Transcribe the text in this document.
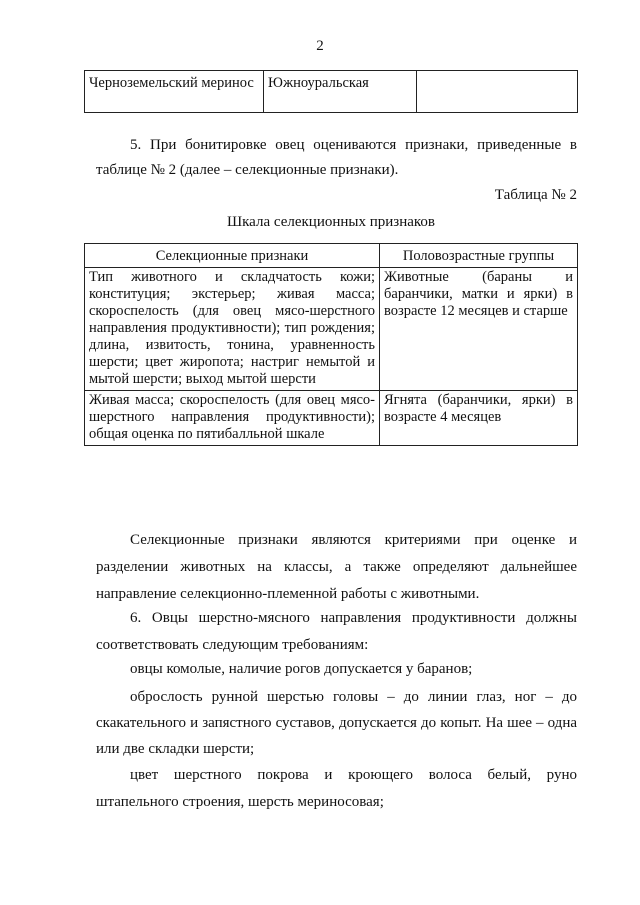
2
Черноземельский меринос	Южноуральская	
5. При бонитировке овец оцениваются признаки, приведенные в таблице № 2 (далее – селекционные признаки).
Таблица № 2
Шкала селекционных признаков
Селекционные признаки	Половозрастные группы
Тип животного и складчатость кожи; конституция; экстерьер; живая масса; скороспелость (для овец мясо-шерстного направления продуктивности); тип рождения; длина, извитость, тонина, уравненность шерсти; цвет жиропота; настриг немытой и мытой шерсти; выход мытой шерсти	Животные (бараны и баранчики, матки и ярки) в возрасте 12 месяцев и старше
Живая масса; скороспелость (для овец мясо-шерстного направления продуктивности); общая оценка по пятибалльной шкале	Ягнята (баранчики, ярки) в возрасте 4 месяцев
Селекционные признаки являются критериями при оценке и разделении животных на классы, а также определяют дальнейшее направление селекционно-племенной работы с животными.
6. Овцы шерстно-мясного направления продуктивности должны соответствовать следующим требованиям:
овцы комолые, наличие рогов допускается у баранов;
оброслость рунной шерстью головы – до линии глаз, ног – до скакательного и запястного суставов, допускается до копыт. На шее – одна или две складки шерсти;
цвет шерстного покрова и кроющего волоса белый, руно штапельного строения, шерсть мериносовая;
